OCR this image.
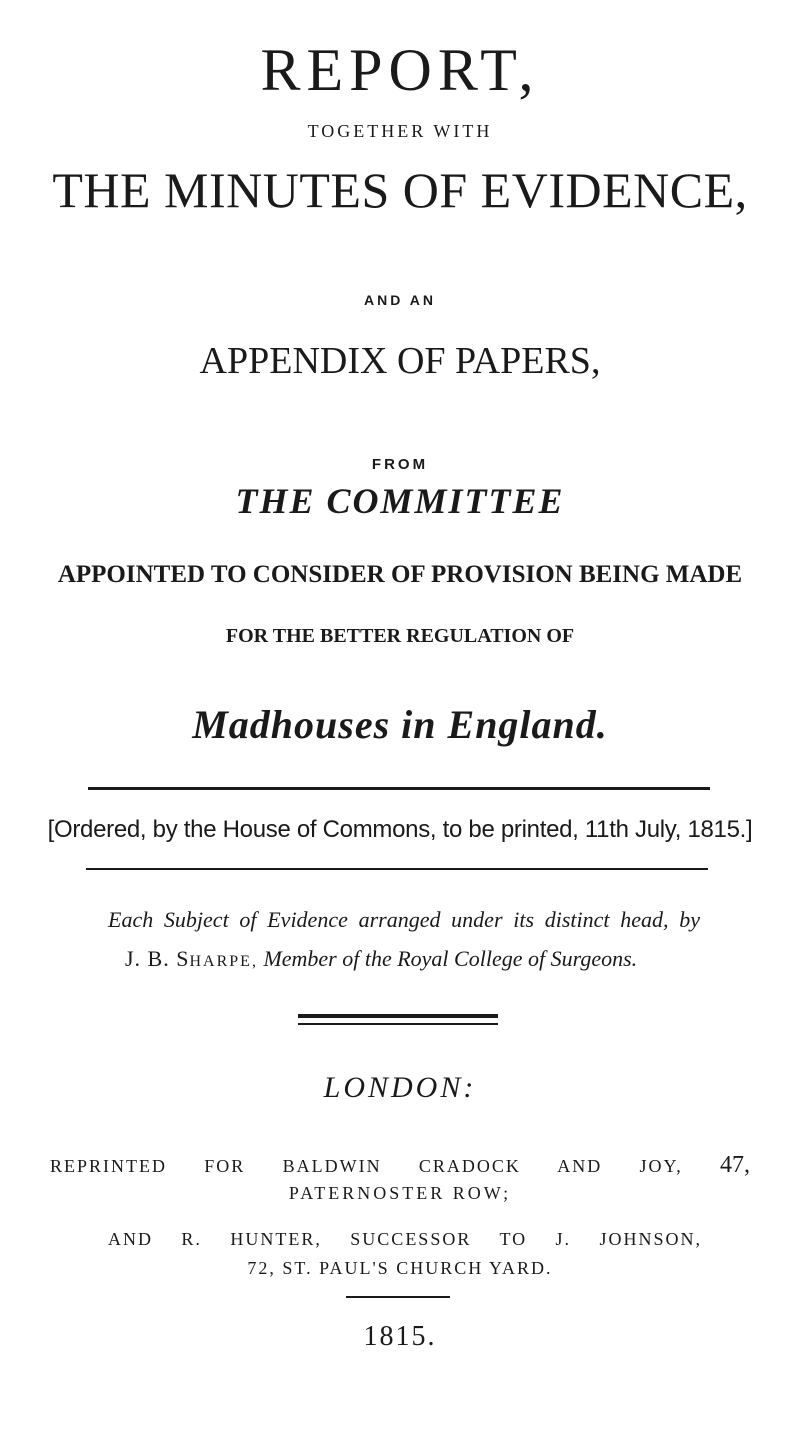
REPORT,
TOGETHER WITH
THE MINUTES OF EVIDENCE,
AND AN
APPENDIX OF PAPERS,
FROM
THE COMMITTEE
APPOINTED TO CONSIDER OF PROVISION BEING MADE
FOR THE BETTER REGULATION OF
Madhouses in England.
[Ordered, by the House of Commons, to be printed, 11th July, 1815.]
Each Subject of Evidence arranged under its distinct head, by
J. B. SHARPE, Member of the Royal College of Surgeons.
LONDON:
REPRINTED FOR BALDWIN CRADOCK AND JOY, 47,
PATERNOSTER ROW;
AND R. HUNTER, SUCCESSOR TO J. JOHNSON,
72, ST. PAUL'S CHURCH YARD.
1815.
